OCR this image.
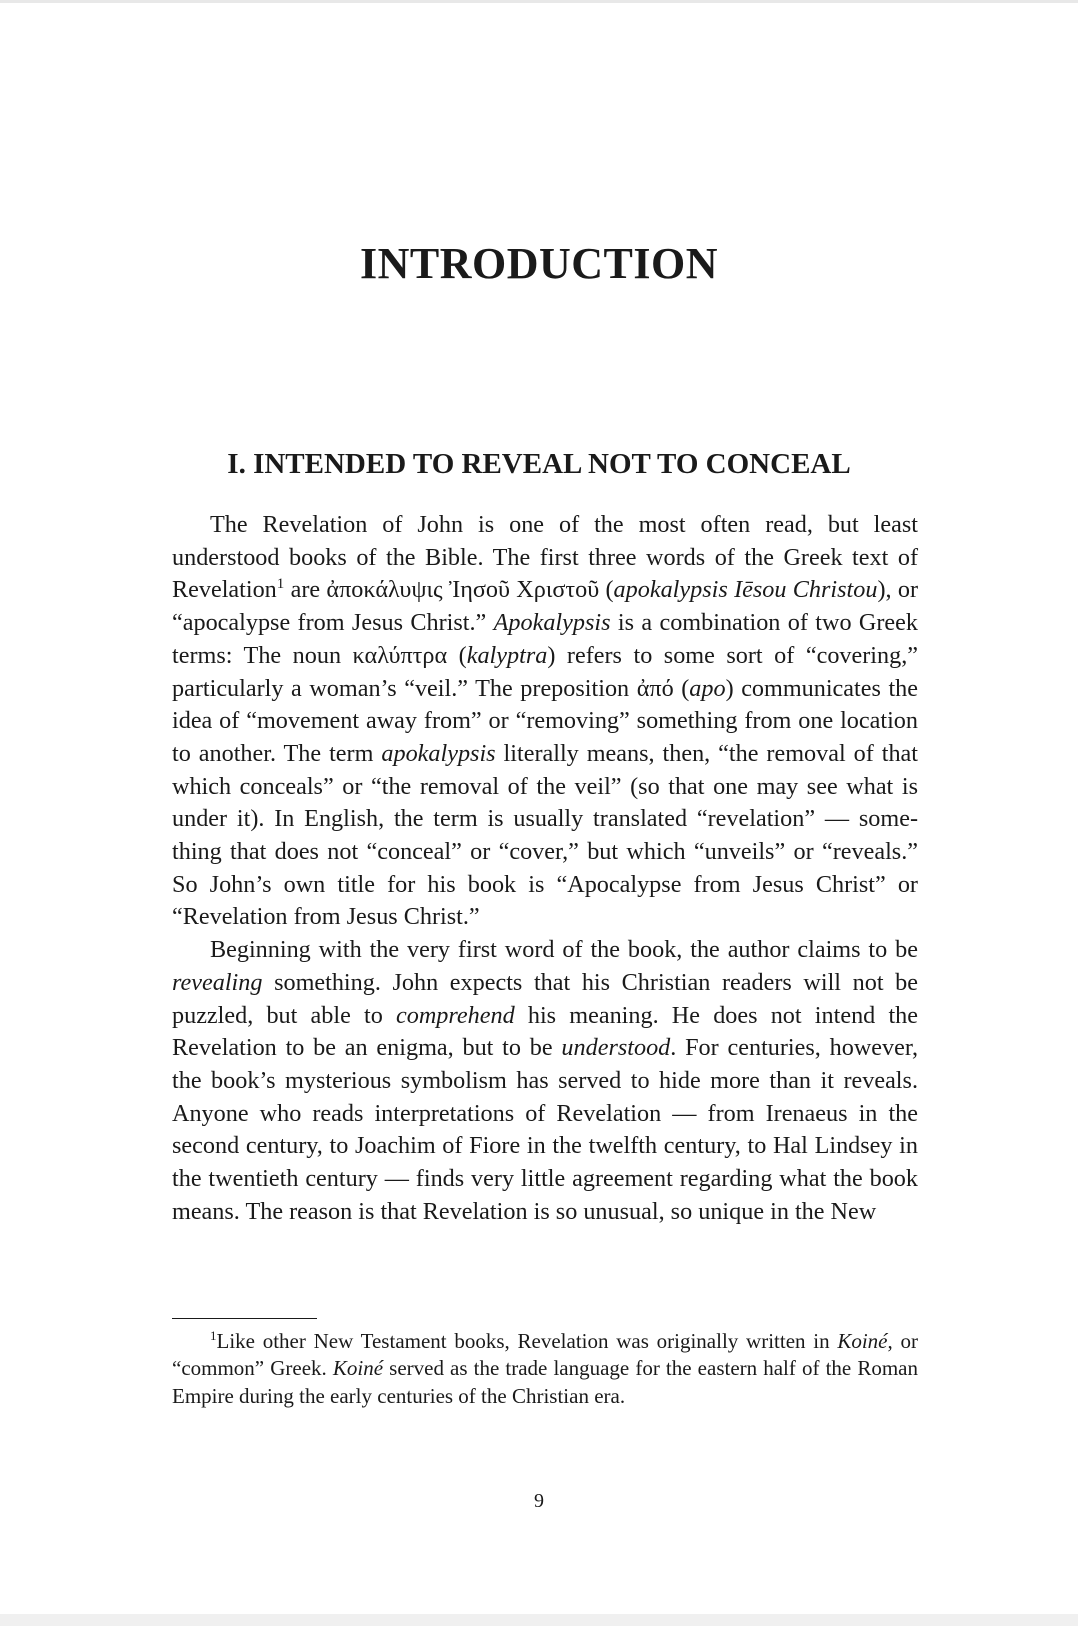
INTRODUCTION
I. INTENDED TO REVEAL NOT TO CONCEAL

The Revelation of John is one of the most often read, but least understood books of the Bible. The first three words of the Greek text of Revelation$^1$ are ἀποκάλυψις Ἰησοῦ Χριστοῦ (apokalypsis Iēsou Christou), or “apocalypse from Jesus Christ.” Apokalypsis is a combination of two Greek terms: The noun καλύπτρα (kalyptra) refers to some sort of “covering,” particularly a woman’s “veil.” The preposition ἀπό (apo) communicates the idea of “movement away from” or “removing” something from one location to another. The term apokalypsis literally means, then, “the removal of that which conceals” or “the removal of the veil” (so that one may see what is under it). In English, the term is usually translated “revelation” — something that does not “conceal” or “cover,” but which “unveils” or “reveals.” So John’s own title for his book is “Apocalypse from Jesus Christ” or “Revelation from Jesus Christ.”

Beginning with the very first word of the book, the author claims to be revealing something. John expects that his Christian readers will not be puzzled, but able to comprehend his meaning. He does not intend the Revelation to be an enigma, but to be understood. For centuries, however, the book’s mysterious symbolism has served to hide more than it reveals. Anyone who reads interpretations of Revelation — from Irenaeus in the second century, to Joachim of Fiore in the twelfth century, to Hal Lindsey in the twentieth century — finds very little agreement regarding what the book means. The reason is that Revelation is so unusual, so unique in the New

$^1$Like other New Testament books, Revelation was originally written in Koiné, or “common” Greek. Koiné served as the trade language for the eastern half of the Roman Empire during the early centuries of the Christian era.

9
